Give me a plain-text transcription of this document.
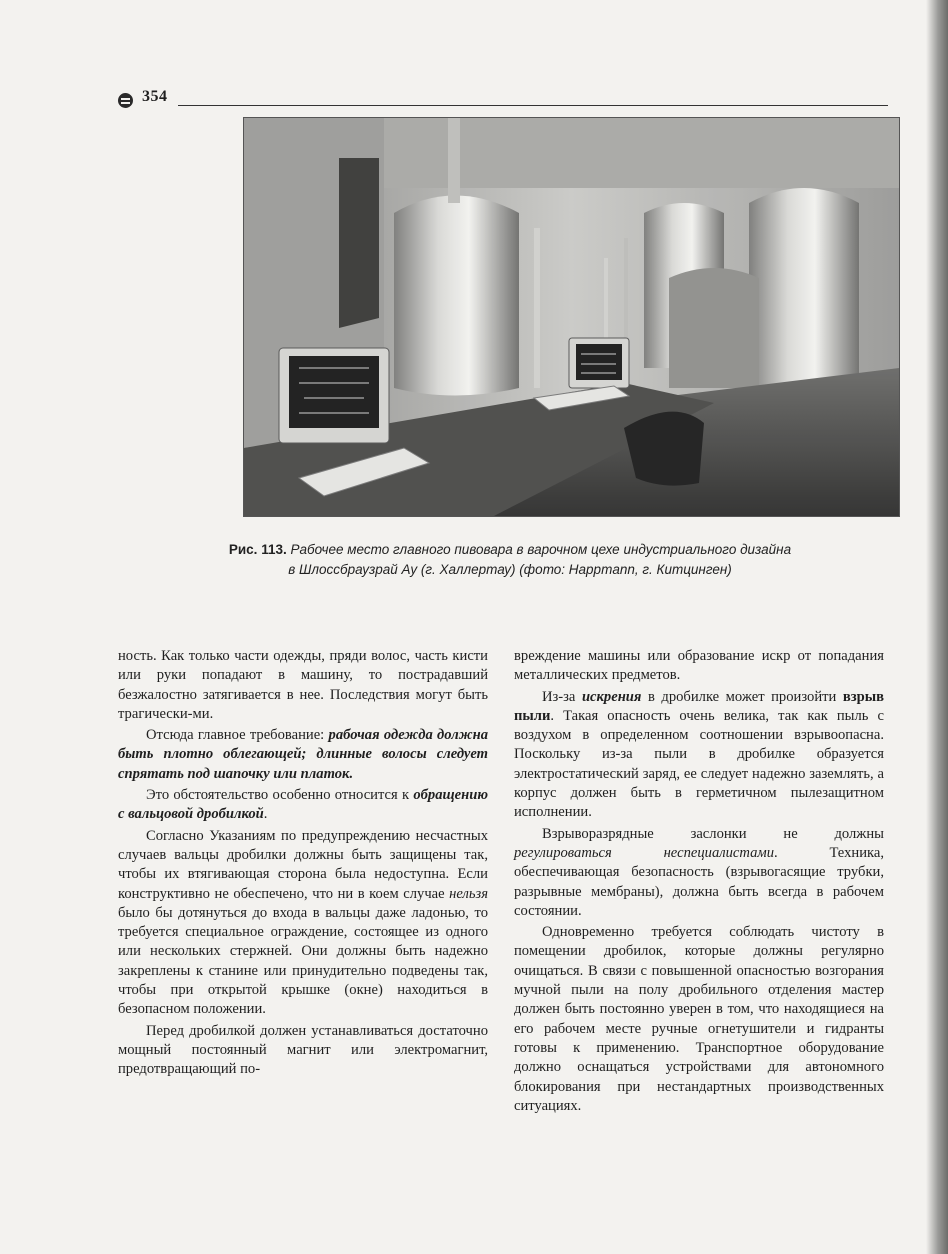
354
Рис. 113. Рабочее место главного пивовара в варочном цехе индустриального дизайна
в Шлоссбраузрай Ау (г. Халлертау) (фото: Happmann, г. Китцинген)

ность. Как только части одежды, пряди волос, часть кисти или руки попадают в машину, то пострадавший безжалостно затягивается в нее. Последствия могут быть трагически-ми.

Отсюда главное требование: рабочая одежда должна быть плотно облегающей; длинные волосы следует спрятать под шапочку или платок.

Это обстоятельство особенно относится к обращению с вальцовой дробилкой.

Согласно Указаниям по предупреждению несчастных случаев вальцы дробилки должны быть защищены так, чтобы их втягивающая сторона была недоступна. Если конструктивно не обеспечено, что ни в коем случае нельзя было бы дотянуться до входа в вальцы даже ладонью, то требуется специальное ограждение, состоящее из одного или нескольких стержней. Они должны быть надежно закреплены к станине или принудительно подведены так, чтобы при открытой крышке (окне) находиться в безопасном положении.

Перед дробилкой должен устанавливаться достаточно мощный постоянный магнит или электромагнит, предотвращающий по-

вреждение машины или образование искр от попадания металлических предметов.

Из-за искрения в дробилке может произойти взрыв пыли. Такая опасность очень велика, так как пыль с воздухом в определенном соотношении взрывоопасна. Поскольку из-за пыли в дробилке образуется электростатический заряд, ее следует надежно заземлять, а корпус должен быть в герметичном пылезащитном исполнении.

Взрыворазрядные заслонки не должны регулироваться неспециалистами. Техника, обеспечивающая безопасность (взрывогасящие трубки, разрывные мембраны), должна быть всегда в рабочем состоянии.

Одновременно требуется соблюдать чистоту в помещении дробилок, которые должны регулярно очищаться. В связи с повышенной опасностью возгорания мучной пыли на полу дробильного отделения мастер должен быть постоянно уверен в том, что находящиеся на его рабочем месте ручные огнетушители и гидранты готовы к применению. Транспортное оборудование должно оснащаться устройствами для автономного блокирования при нестандартных производственных ситуациях.
